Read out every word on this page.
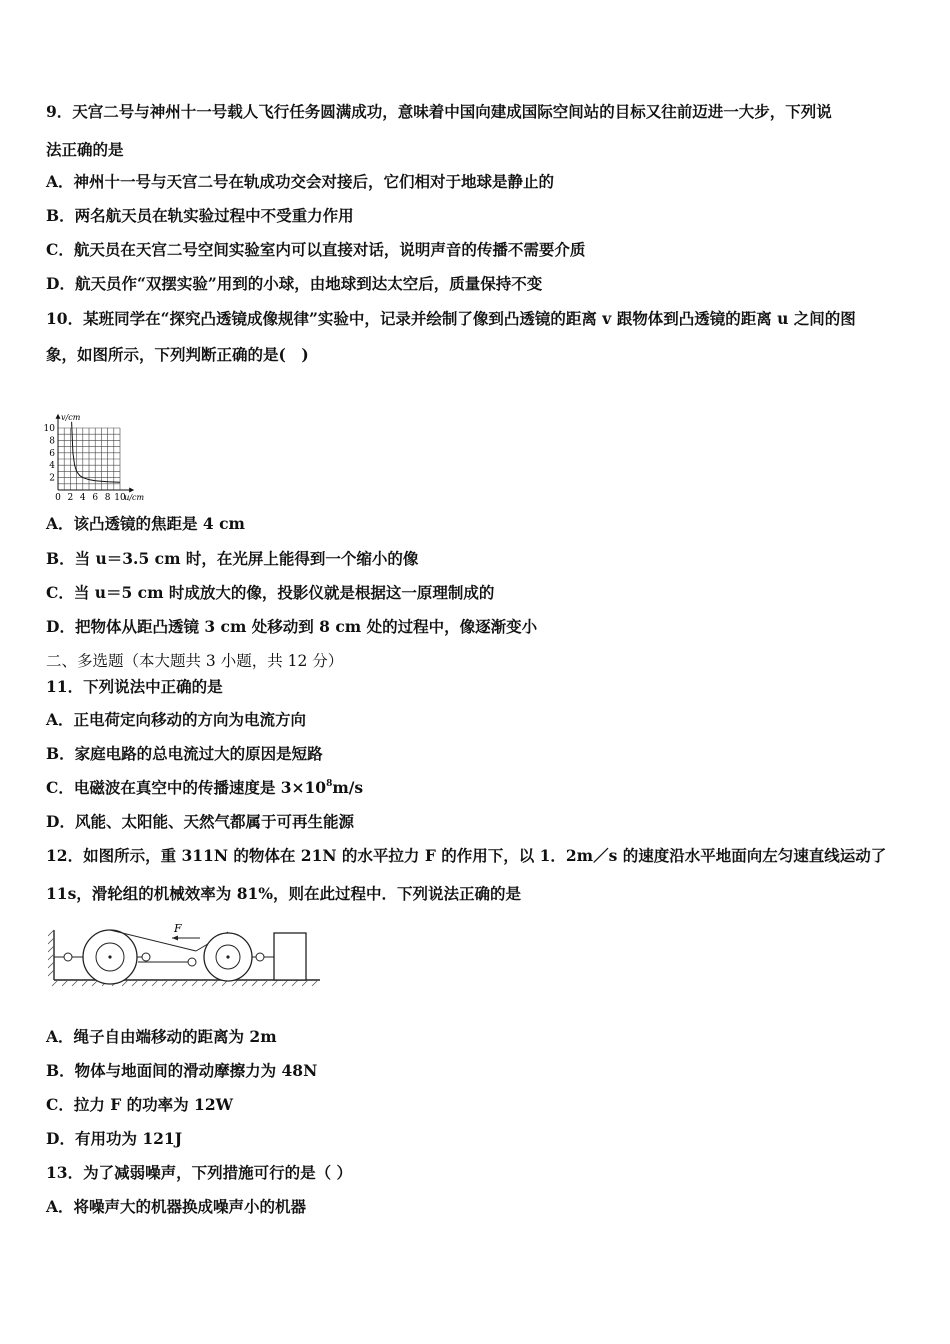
9．天宫二号与神州十一号载人飞行任务圆满成功，意味着中国向建成国际空间站的目标又往前迈进一大步，下列说
法正确的是
A．神州十一号与天宫二号在轨成功交会对接后，它们相对于地球是静止的
B．两名航天员在轨实验过程中不受重力作用
C．航天员在天宫二号空间实验室内可以直接对话，说明声音的传播不需要介质
D．航天员作“双摆实验”用到的小球，由地球到达太空后，质量保持不变
10．某班同学在“探究凸透镜成像规律”实验中，记录并绘制了像到凸透镜的距离 v 跟物体到凸透镜的距离 u 之间的图
象，如图所示，下列判断正确的是(　)
0 2 4 6 8 10
2
4
6
8
10
v/cm
u/cm
A．该凸透镜的焦距是 4 cm
B．当 u＝3.5 cm 时，在光屏上能得到一个缩小的像
C．当 u＝5 cm 时成放大的像，投影仪就是根据这一原理制成的
D．把物体从距凸透镜 3 cm 处移动到 8 cm 处的过程中，像逐渐变小
二、多选题（本大题共 3 小题，共 12 分）
11．下列说法中正确的是
A．正电荷定向移动的方向为电流方向
B．家庭电路的总电流过大的原因是短路
C．电磁波在真空中的传播速度是 $3\times 10^8m/s$
D．风能、太阳能、天然气都属于可再生能源
12．如图所示，重 311N 的物体在 21N 的水平拉力 F 的作用下，以 1．2m／s 的速度沿水平地面向左匀速直线运动了
11s，滑轮组的机械效率为 81%，则在此过程中．下列说法正确的是
F
A．绳子自由端移动的距离为 2m
B．物体与地面间的滑动摩擦力为 48N
C．拉力 F 的功率为 12W
D．有用功为 121J
13．为了减弱噪声，下列措施可行的是（ ）
A．将噪声大的机器换成噪声小的机器
